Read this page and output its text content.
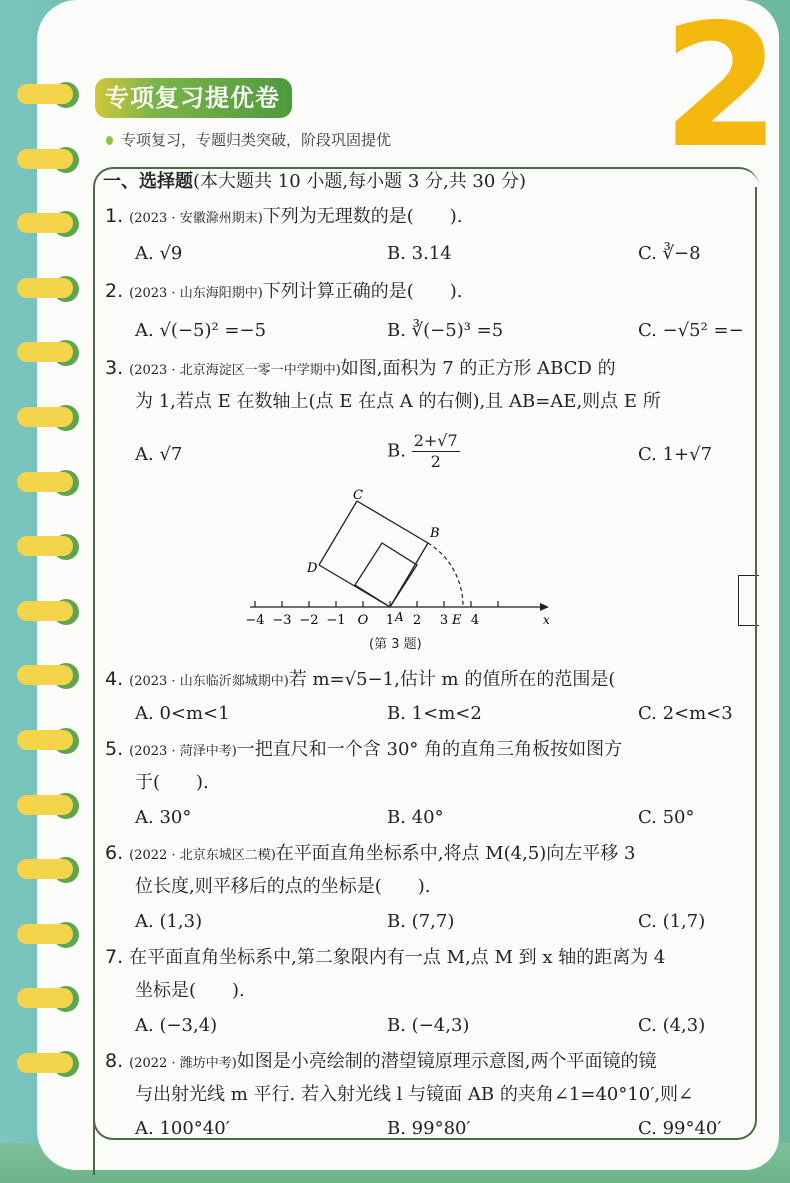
2
专项复习提优卷
专项复习，专题归类突破，阶段巩固提优
一、选择题(本大题共 10 小题,每小题 3 分,共 30 分)
1. (2023 · 安徽滁州期末)下列为无理数的是(　　).
A. √9	B. 3.14	C. ∛−8
2. (2023 · 山东海阳期中)下列计算正确的是(　　).
A. √(−5)² =−5	B. ∛(−5)³ =5	C. −√5² =−
3. (2023 · 北京海淀区一零一中学期中)如图,面积为 7 的正方形 ABCD 的
为 1,若点 E 在数轴上(点 E 在点 A 的右侧),且 AB=AE,则点 E 所
A. √7	B. $\frac{2+√7}{2}$	C. 1+√7
C
B
D
A	E	x
−4 −3 −2 −1 O 1 2 3 4
(第 3 题)
4. (2023 · 山东临沂郯城期中)若 m=√5−1,估计 m 的值所在的范围是(
A. 0<m<1	B. 1<m<2	C. 2<m<3
5. (2023 · 菏泽中考)一把直尺和一个含 30° 角的直角三角板按如图方
于(　　).
A. 30°	B. 40°	C. 50°
6. (2022 · 北京东城区二模)在平面直角坐标系中,将点 M(4,5)向左平移 3
位长度,则平移后的点的坐标是(　　).
A. (1,3)	B. (7,7)	C. (1,7)
7. 在平面直角坐标系中,第二象限内有一点 M,点 M 到 x 轴的距离为 4
坐标是(　　).
A. (−3,4)	B. (−4,3)	C. (4,3)
8. (2022 · 潍坊中考)如图是小亮绘制的潜望镜原理示意图,两个平面镜的镜
与出射光线 m 平行. 若入射光线 l 与镜面 AB 的夹角∠1=40°10′,则∠
A. 100°40′	B. 99°80′	C. 99°40′
